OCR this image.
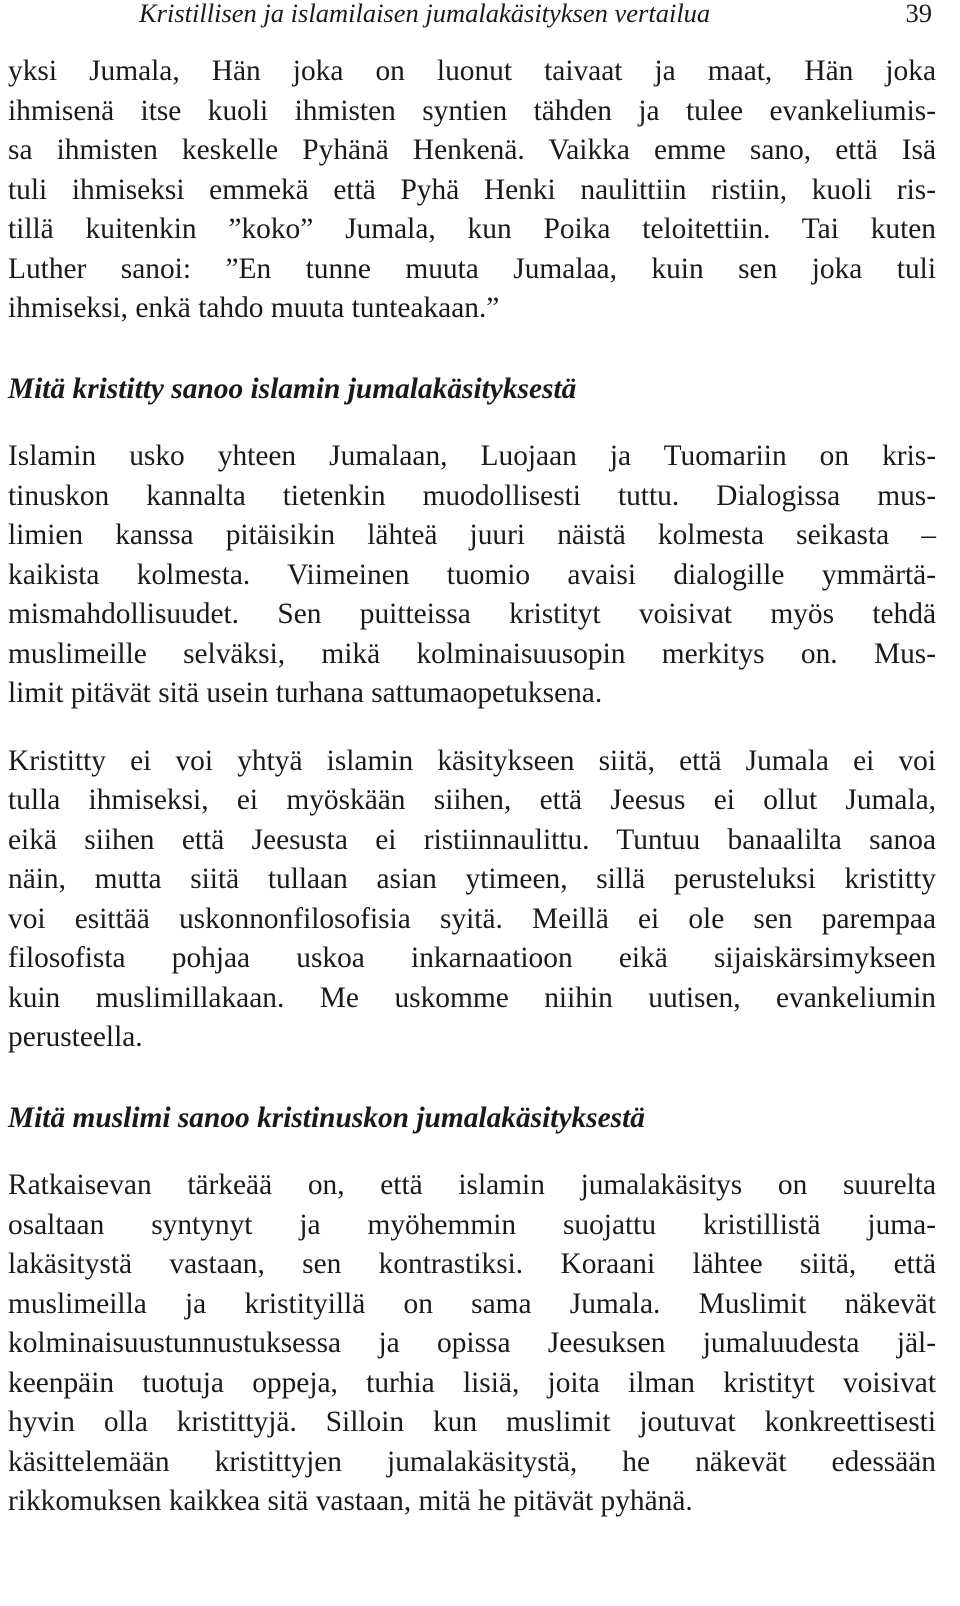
Kristillisen ja islamilaisen jumalakäsityksen vertailua	39

yksi Jumala, Hän joka on luonut taivaat ja maat, Hän joka
ihmisenä itse kuoli ihmisten syntien tähden ja tulee evankeliumis-
sa ihmisten keskelle Pyhänä Henkenä. Vaikka emme sano, että Isä
tuli ihmiseksi emmekä että Pyhä Henki naulittiin ristiin, kuoli ris-
tillä kuitenkin ”koko” Jumala, kun Poika teloitettiin. Tai kuten
Luther sanoi: ”En tunne muuta Jumalaa, kuin sen joka tuli
ihmiseksi, enkä tahdo muuta tunteakaan.”

Mitä kristitty sanoo islamin jumalakäsityksestä

Islamin usko yhteen Jumalaan, Luojaan ja Tuomariin on kris-
tinuskon kannalta tietenkin muodollisesti tuttu. Dialogissa mus-
limien kanssa pitäisikin lähteä juuri näistä kolmesta seikasta –
kaikista kolmesta. Viimeinen tuomio avaisi dialogille ymmärtä-
mismahdollisuudet. Sen puitteissa kristityt voisivat myös tehdä
muslimeille selväksi, mikä kolminaisuusopin merkitys on. Mus-
limit pitävät sitä usein turhana sattumaopetuksena.

Kristitty ei voi yhtyä islamin käsitykseen siitä, että Jumala ei voi
tulla ihmiseksi, ei myöskään siihen, että Jeesus ei ollut Jumala,
eikä siihen että Jeesusta ei ristiinnaulittu. Tuntuu banaalilta sanoa
näin, mutta siitä tullaan asian ytimeen, sillä perusteluksi kristitty
voi esittää uskonnonfilosofisia syitä. Meillä ei ole sen parempaa
filosofista pohjaa uskoa inkarnaatioon eikä sijaiskärsimykseen
kuin muslimillakaan. Me uskomme niihin uutisen, evankeliumin
perusteella.

Mitä muslimi sanoo kristinuskon jumalakäsityksestä

Ratkaisevan tärkeää on, että islamin jumalakäsitys on suurelta
osaltaan syntynyt ja myöhemmin suojattu kristillistä juma-
lakäsitystä vastaan, sen kontrastiksi. Koraani lähtee siitä, että
muslimeilla ja kristityillä on sama Jumala. Muslimit näkevät
kolminaisuustunnustuksessa ja opissa Jeesuksen jumaluudesta jäl-
keenpäin tuotuja oppeja, turhia lisiä, joita ilman kristityt voisivat
hyvin olla kristittyjä. Silloin kun muslimit joutuvat konkreettisesti
käsittelemään kristittyjen jumalakäsitystä, he näkevät edessään
rikkomuksen kaikkea sitä vastaan, mitä he pitävät pyhänä.
